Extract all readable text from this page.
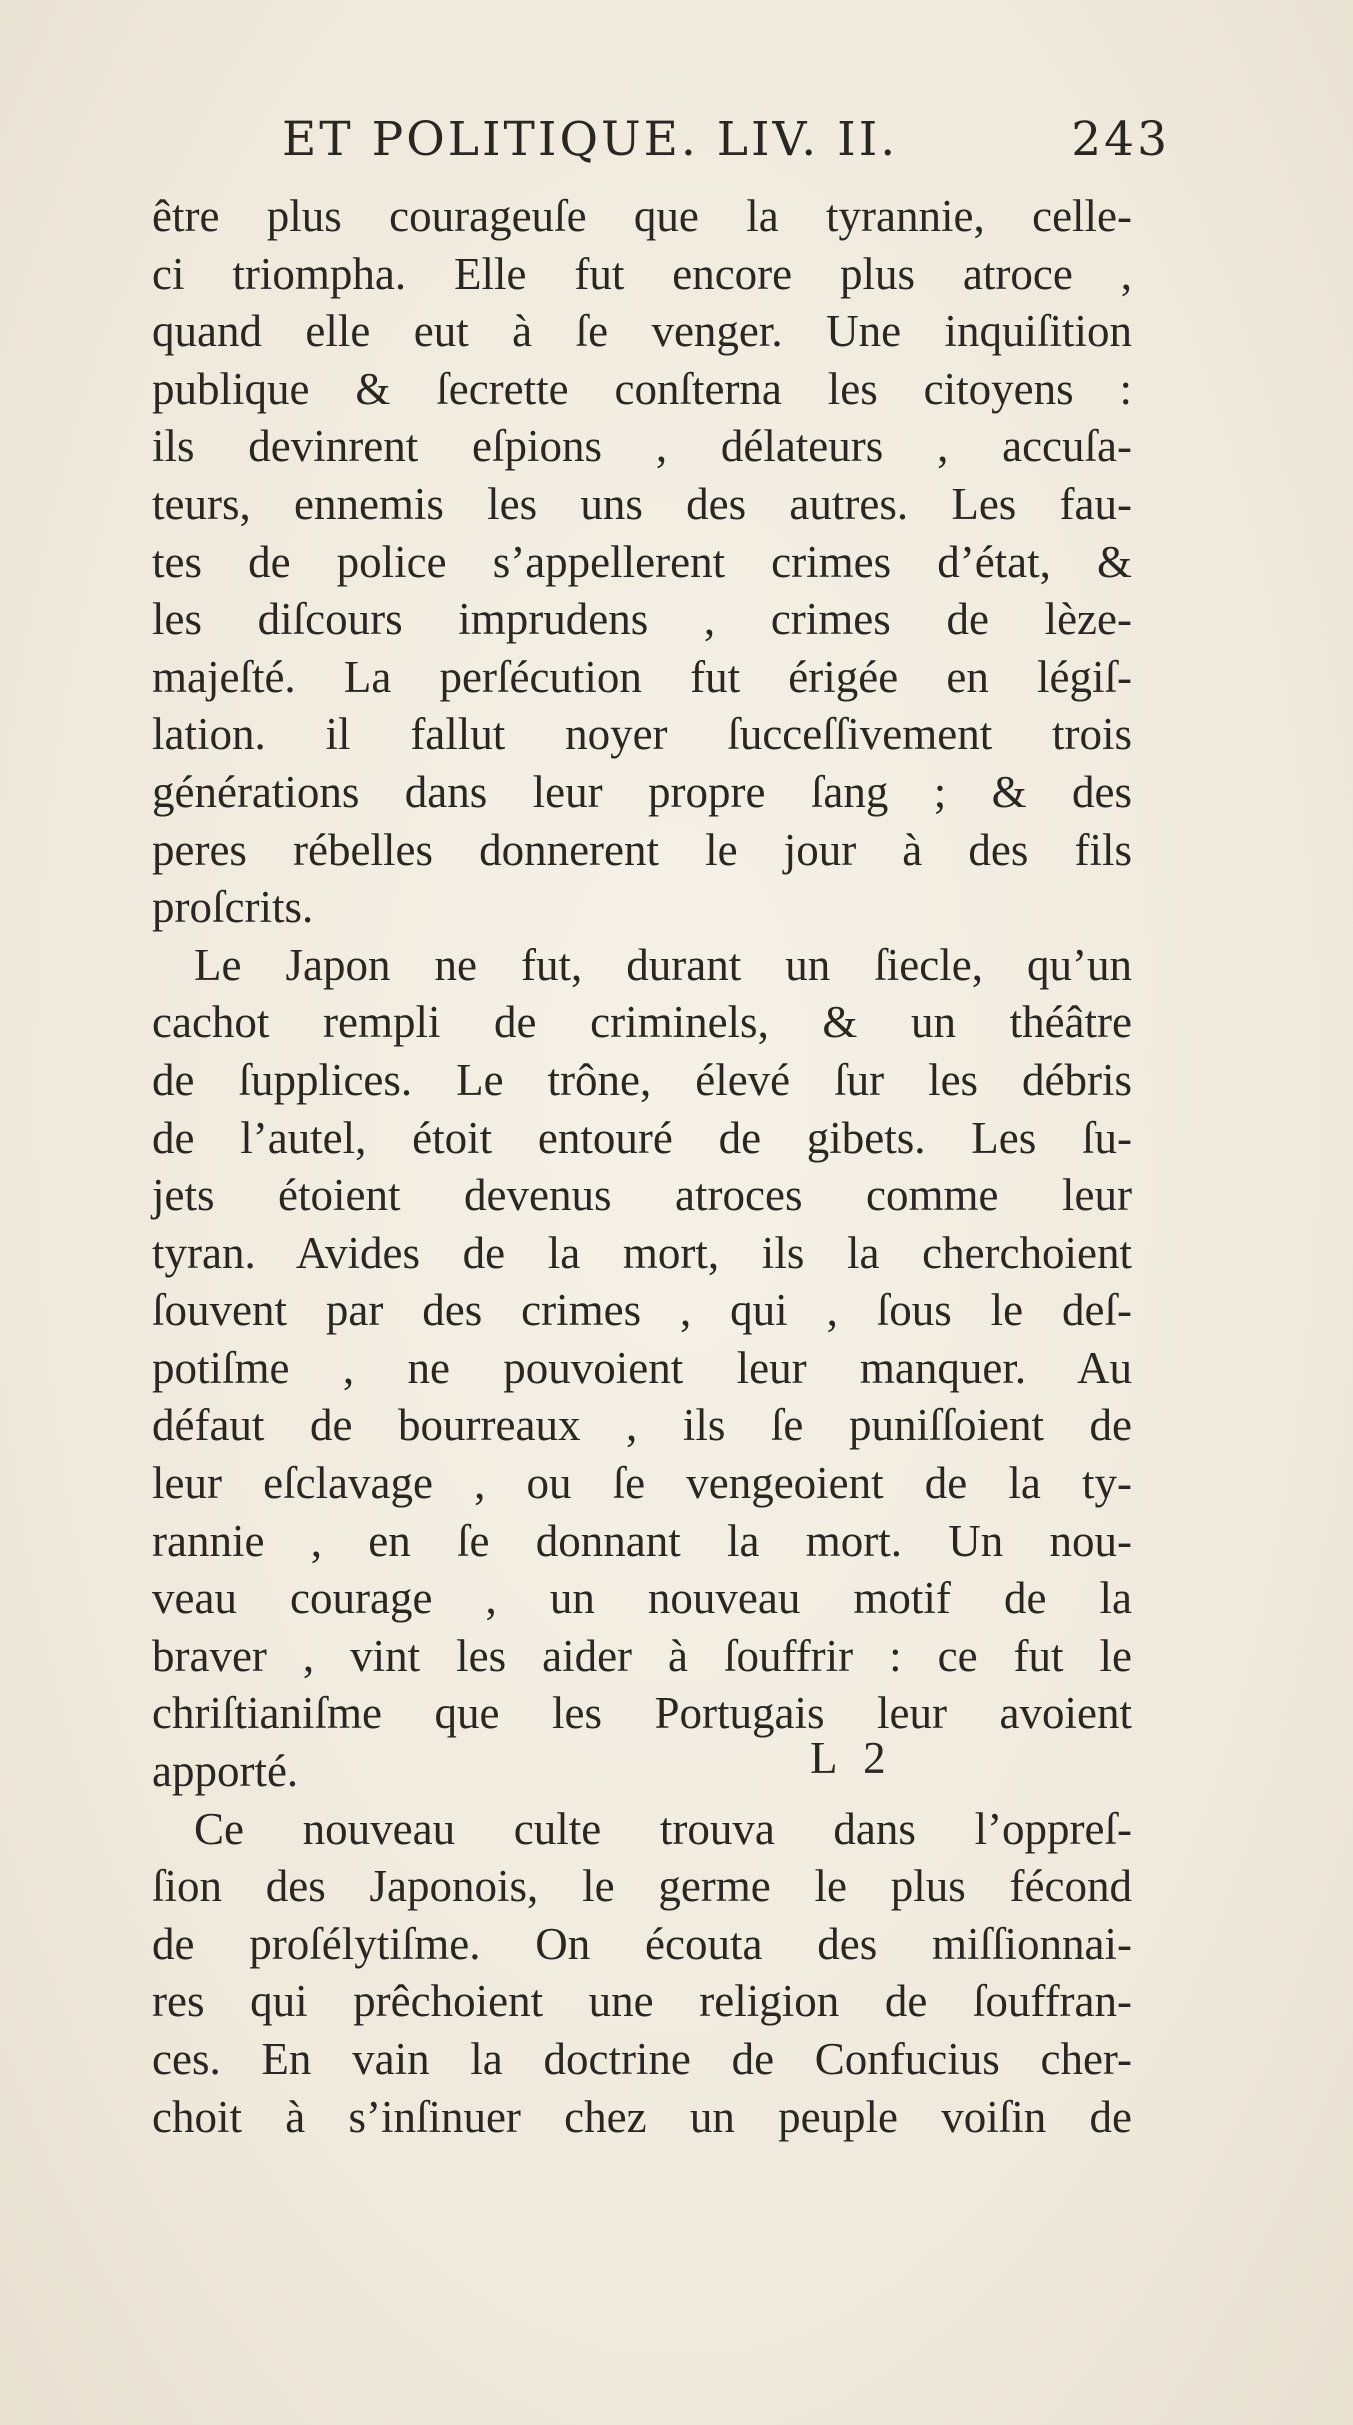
ET POLITIQUE. LIV. II.	243
être plus courageuſe que la tyrannie, celle-
ci triompha. Elle fut encore plus atroce ,
quand elle eut à ſe venger. Une inquiſition
publique & ſecrette conſterna les citoyens :
ils devinrent eſpions , délateurs , accuſa-
teurs, ennemis les uns des autres. Les fau-
tes de police s’appellerent crimes d’état, &
les diſcours imprudens , crimes de lèze-
majeſté. La perſécution fut érigée en légiſ-
lation. il fallut noyer ſucceſſivement trois
générations dans leur propre ſang ; & des
peres rébelles donnerent le jour à des fils
proſcrits.
Le Japon ne fut, durant un ſiecle, qu’un
cachot rempli de criminels, & un théâtre
de ſupplices. Le trône, élevé ſur les débris
de l’autel, étoit entouré de gibets. Les ſu-
jets étoient devenus atroces comme leur
tyran. Avides de la mort, ils la cherchoient
ſouvent par des crimes , qui , ſous le deſ-
potiſme , ne pouvoient leur manquer. Au
défaut de bourreaux , ils ſe puniſſoient de
leur eſclavage , ou ſe vengeoient de la ty-
rannie , en ſe donnant la mort. Un nou-
veau courage , un nouveau motif de la
braver , vint les aider à ſouffrir : ce fut le
chriſtianiſme que les Portugais leur avoient
apporté.
Ce nouveau culte trouva dans l’oppreſ-
ſion des Japonois, le germe le plus fécond
de proſélytiſme. On écouta des miſſionnai-
res qui prêchoient une religion de ſouffran-
ces. En vain la doctrine de Confucius cher-
choit à s’inſinuer chez un peuple voiſin de
L 2
